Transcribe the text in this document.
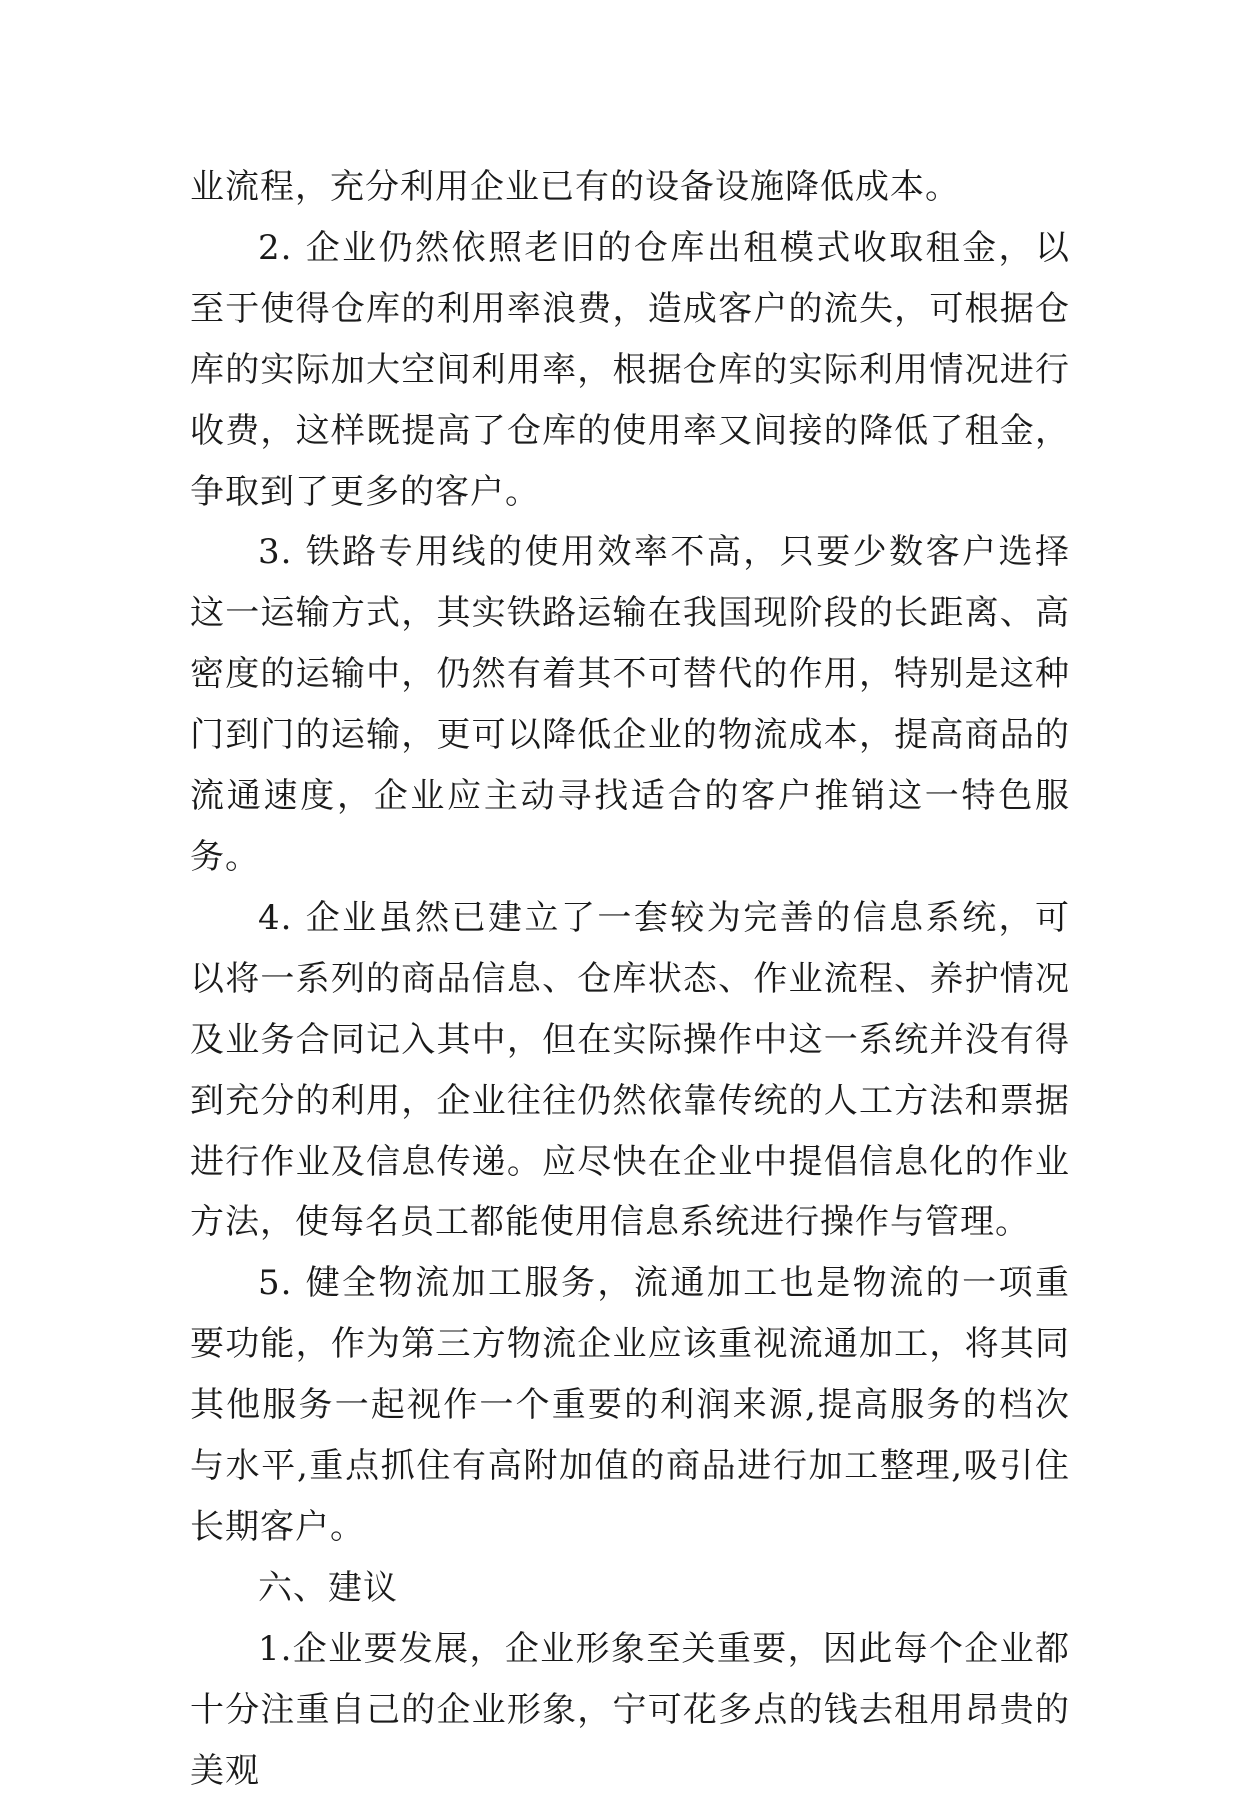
业流程，充分利用企业已有的设备设施降低成本。

2. 企业仍然依照老旧的仓库出租模式收取租金，以至于使得仓库的利用率浪费，造成客户的流失，可根据仓库的实际加大空间利用率，根据仓库的实际利用情况进行收费，这样既提高了仓库的使用率又间接的降低了租金，争取到了更多的客户。

3. 铁路专用线的使用效率不高，只要少数客户选择这一运输方式，其实铁路运输在我国现阶段的长距离、高密度的运输中，仍然有着其不可替代的作用，特别是这种门到门的运输，更可以降低企业的物流成本，提高商品的流通速度，企业应主动寻找适合的客户推销这一特色服务。

4. 企业虽然已建立了一套较为完善的信息系统，可以将一系列的商品信息、仓库状态、作业流程、养护情况及业务合同记入其中，但在实际操作中这一系统并没有得到充分的利用，企业往往仍然依靠传统的人工方法和票据进行作业及信息传递。应尽快在企业中提倡信息化的作业方法，使每名员工都能使用信息系统进行操作与管理。

5. 健全物流加工服务，流通加工也是物流的一项重要功能，作为第三方物流企业应该重视流通加工，将其同其他服务一起视作一个重要的利润来源,提高服务的档次与水平,重点抓住有高附加值的商品进行加工整理,吸引住长期客户。

六、建议

1.企业要发展，企业形象至关重要，因此每个企业都十分注重自己的企业形象，宁可花多点的钱去租用昂贵的美观
